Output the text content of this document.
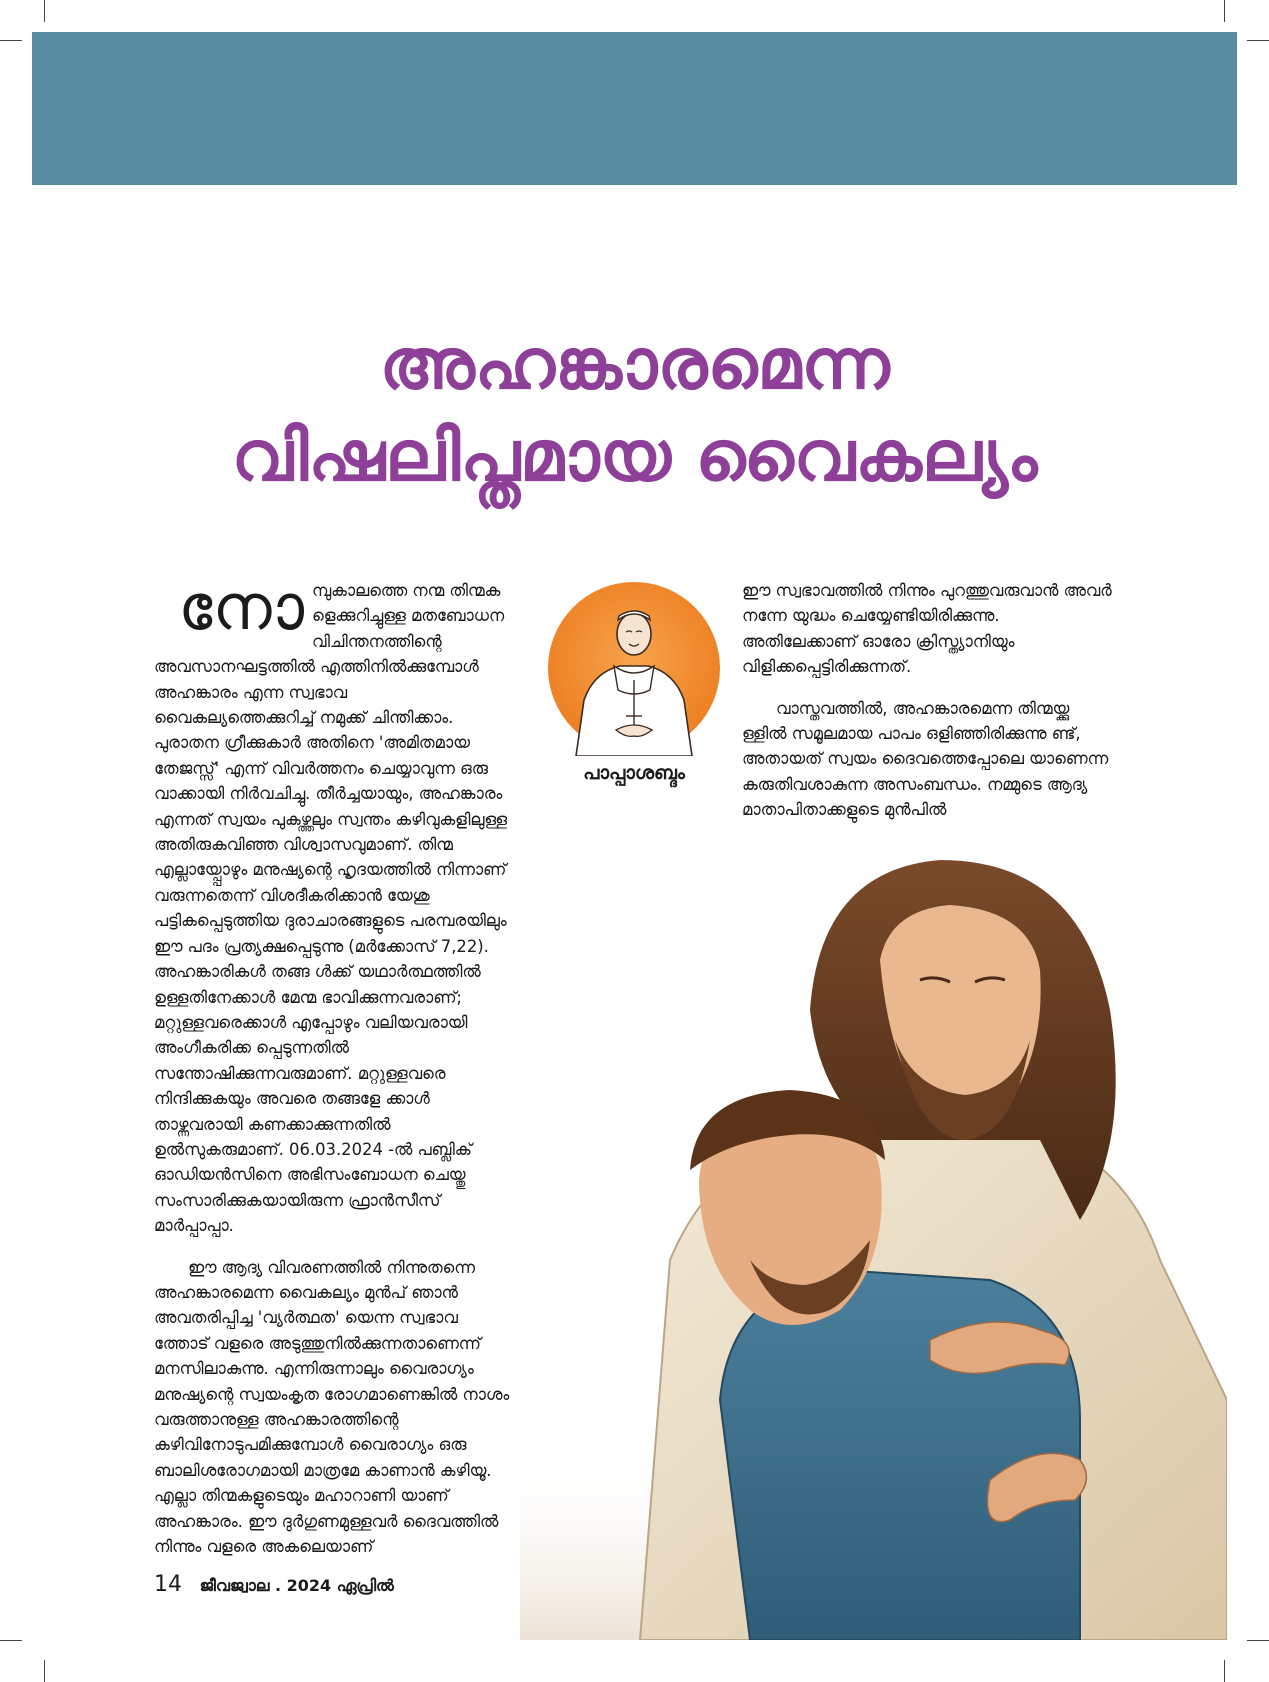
അഹങ്കാരമെന്ന
വിഷലിപ്തമായ വൈകല്യം

നോമ്പുകാലത്തെ നന്മ തിന്മക ളെക്കുറിച്ചുള്ള മതബോധന വിചിന്തനത്തിന്റെ അവസാനഘട്ടത്തിൽ എത്തിനിൽക്കുമ്പോൾ അഹങ്കാരം എന്ന സ്വഭാവ വൈകല്യത്തെക്കുറിച്ച് നമുക്ക് ചിന്തിക്കാം. പുരാതന ഗ്രീക്കുകാർ അതിനെ 'അമിതമായ തേജസ്സ്' എന്ന് വിവർത്തനം ചെയ്യാവുന്ന ഒരു വാക്കായി നിർവചിച്ചു. തീർച്ചയായും, അഹങ്കാരം എന്നത് സ്വയം പുകഴ്ത്തലും സ്വന്തം കഴിവുകളിലുള്ള അതിരുകവിഞ്ഞ വിശ്വാസവുമാണ്. തിന്മ എല്ലായ്പ്പോഴും മനുഷ്യന്റെ ഹൃദയത്തിൽ നിന്നാണ് വരുന്നതെന്ന് വിശദീകരിക്കാൻ യേശു പട്ടികപ്പെടുത്തിയ ദുരാചാരങ്ങളുടെ പരമ്പരയിലും ഈ പദം പ്രത്യക്ഷപ്പെടുന്നു (മർക്കോസ് 7,22). അഹങ്കാരികൾ തങ്ങ ൾക്ക് യഥാർത്ഥത്തിൽ ഉള്ളതിനേക്കാൾ മേന്മ ഭാവിക്കുന്നവരാണ്; മറ്റുള്ളവരെക്കാൾ എപ്പോഴും വലിയവരായി അംഗീകരിക്ക പ്പെടുന്നതിൽ സന്തോഷിക്കുന്നവരുമാണ്. മറ്റുള്ളവരെ നിന്ദിക്കുകയും അവരെ തങ്ങളേ ക്കാൾ താഴ്ന്നവരായി കണക്കാക്കുന്നതിൽ ഉൽസുകരുമാണ്. 06.03.2024 -ൽ പബ്ലിക് ഓഡിയൻസിനെ അഭിസംബോധന ചെയ്തു സംസാരിക്കുകയായിരുന്ന ഫ്രാൻസീസ് മാർപ്പാപ്പാ.

ഈ ആദ്യ വിവരണത്തിൽ നിന്നുതന്നെ അഹങ്കാരമെന്ന വൈകല്യം മുൻപ് ഞാൻ അവതരിപ്പിച്ച 'വ്യർത്ഥത' യെന്ന സ്വഭാവ ത്തോട് വളരെ അടുത്തുനിൽക്കുന്നതാണെന്ന് മനസിലാകുന്നു. എന്നിരുന്നാലും വൈരാഗ്യം മനുഷ്യന്റെ സ്വയംകൃത രോഗമാണെങ്കിൽ നാശം വരുത്താനുള്ള അഹങ്കാരത്തിന്റെ കഴിവിനോടുപമിക്കുമ്പോൾ വൈരാഗ്യം ഒരു ബാലിശരോഗമായി മാത്രമേ കാണാൻ കഴിയൂ. എല്ലാ തിന്മകളുടെയും മഹാറാണി യാണ് അഹങ്കാരം. ഈ ദുർഗുണമുള്ളവർ ദൈവത്തിൽ നിന്നും വളരെ അകലെയാണ്

പാപ്പാശബ്ദം

ഈ സ്വഭാവത്തിൽ നിന്നും പുറത്തുവരുവാൻ അവർ നന്നേ യുദ്ധം ചെയ്യേണ്ടിയിരിക്കുന്നു. അതിലേക്കാണ് ഓരോ ക്രിസ്ത്യാനിയും വിളിക്കപ്പെട്ടിരിക്കുന്നത്.

വാസ്തവത്തിൽ, അഹങ്കാരമെന്ന തിന്മയ്ക്കു ള്ളിൽ സമൂലമായ പാപം ഒളിഞ്ഞിരിക്കുന്നു ണ്ട്, അതായത് സ്വയം ദൈവത്തെപ്പോലെ യാണെന്ന കരുതിവശാകുന്ന അസംബന്ധം. നമ്മുടെ ആദ്യ മാതാപിതാക്കളുടെ മുൻപിൽ

14 ജീവജ്വാല . 2024 ഏപ്രിൽ
